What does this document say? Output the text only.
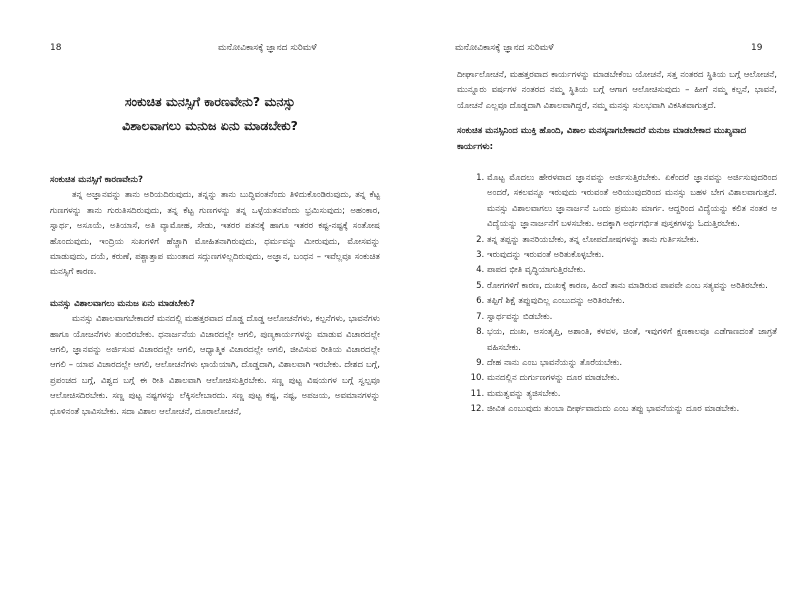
18	ಮನೋವಿಕಾಸಕ್ಕೆ ಜ್ಞಾನದ ಸುರಿಮಳೆ
ಸಂಕುಚಿತ ಮನಸ್ಸಿಗೆ ಕಾರಣವೇನು? ಮನಸ್ಸು
ವಿಶಾಲವಾಗಲು ಮನುಜ ಏನು ಮಾಡಬೇಕು?

ಸಂಕುಚಿತ ಮನಸ್ಸಿಗೆ ಕಾರಣವೇನು?

ತನ್ನ ಅಜ್ಞಾನವನ್ನು ತಾನು ಅರಿಯದಿರುವುದು, ತನ್ನನ್ನು ತಾನು ಬುದ್ಧಿವಂತನೆಂದು ತಿಳಿದುಕೊಂಡಿರುವುದು, ತನ್ನ ಕೆಟ್ಟ ಗುಣಗಳನ್ನು ತಾನು ಗುರುತಿಸದಿರುವುದು, ತನ್ನ ಕೆಟ್ಟ ಗುಣಗಳನ್ನು ತನ್ನ ಒಳ್ಳೆಯತನವೆಂದು ಭ್ರಮಿಸುವುದು; ಅಹಂಕಾರ, ಸ್ವಾರ್ಥ, ಅಸೂಯೆ, ಅತಿಯಾಸೆ, ಅತಿ ವ್ಯಾಮೋಹ, ಸೇಡು, ಇತರರ ಪತನಕ್ಕೆ ಹಾಗೂ ಇತರರ ಕಷ್ಟ-ನಷ್ಟಕ್ಕೆ ಸಂತೋಷ ಹೊಂದುವುದು, ಇಂದ್ರಿಯ ಸುಖಗಳಿಗೆ ಹೆಚ್ಚಾಗಿ ಮೋಹಿತನಾಗಿರುವುದು, ಧರ್ಮವನ್ನು ಮೀರುವುದು, ಮೋಸವನ್ನು ಮಾಡುವುದು, ದಯೆ, ಕರುಣೆ, ಪಶ್ಚಾತ್ತಾಪ ಮುಂತಾದ ಸದ್ಗುಣಗಳಿಲ್ಲದಿರುವುದು, ಅಜ್ಞಾನ, ಬಂಧನ – ಇವೆಲ್ಲವೂ ಸಂಕುಚಿತ ಮನಸ್ಸಿಗೆ ಕಾರಣ.

ಮನಸ್ಸು ವಿಶಾಲವಾಗಲು ಮನುಜ ಏನು ಮಾಡಬೇಕು?

ಮನಸ್ಸು ವಿಶಾಲವಾಗಬೇಕಾದರೆ ಮನದಲ್ಲಿ ಮಹತ್ತರವಾದ ದೊಡ್ಡ ದೊಡ್ಡ ಆಲೋಚನೆಗಳು, ಕಲ್ಪನೆಗಳು, ಭಾವನೆಗಳು ಹಾಗೂ ಯೋಜನೆಗಳು ತುಂಬಿರಬೇಕು. ಧನಾರ್ಜನೆಯ ವಿಚಾರದಲ್ಲೇ ಆಗಲಿ, ಪುಣ್ಯಕಾರ್ಯಗಳನ್ನು ಮಾಡುವ ವಿಚಾರದಲ್ಲೇ ಆಗಲಿ, ಜ್ಞಾನವನ್ನು ಅರ್ಜಿಸುವ ವಿಚಾರದಲ್ಲೇ ಆಗಲಿ, ಆಧ್ಯಾತ್ಮಿಕ ವಿಚಾರದಲ್ಲೇ ಆಗಲಿ, ಜೀವಿಸುವ ರೀತಿಯ ವಿಚಾರದಲ್ಲೇ ಆಗಲಿ – ಯಾವ ವಿಚಾರದಲ್ಲೇ ಆಗಲಿ, ಆಲೋಚನೆಗಳು ಛಾಯೆಯಾಗಿ, ದೊಡ್ಡದಾಗಿ, ವಿಶಾಲವಾಗಿ ಇರಬೇಕು. ದೇಶದ ಬಗ್ಗೆ, ಪ್ರಪಂಚದ ಬಗ್ಗೆ, ವಿಶ್ವದ ಬಗ್ಗೆ ಈ ರೀತಿ ವಿಶಾಲವಾಗಿ ಆಲೋಚಿಸುತ್ತಿರಬೇಕು. ಸಣ್ಣ ಪುಟ್ಟ ವಿಷಯಗಳ ಬಗ್ಗೆ ಸ್ವಲ್ಪವೂ ಆಲೋಚಿಸದಿರಬೇಕು. ಸಣ್ಣ ಪುಟ್ಟ ನಷ್ಟಗಳನ್ನು ಲೆಕ್ಕಿಸಲೇಬಾರದು. ಸಣ್ಣ ಪುಟ್ಟ ಕಷ್ಟ, ನಷ್ಟ, ಅಪಜಯ, ಅವಮಾನಗಳನ್ನು ಧೂಳಿನಂತೆ ಭಾವಿಸಬೇಕು. ಸದಾ ವಿಶಾಲ ಆಲೋಚನೆ, ದೂರಾಲೋಚನೆ,

ಮನೋವಿಕಾಸಕ್ಕೆ ಜ್ಞಾನದ ಸುರಿಮಳೆ	19

ದೀರ್ಘಾಲೋಚನೆ, ಮಹತ್ತರವಾದ ಕಾರ್ಯಗಳನ್ನು ಮಾಡಬೇಕೆಂಬ ಯೋಚನೆ, ಸತ್ತ ನಂತರದ ಸ್ಥಿತಿಯ ಬಗ್ಗೆ ಆಲೋಚನೆ, ಮುನ್ನೂರು ವರ್ಷಗಳ ನಂತರದ ನಮ್ಮ ಸ್ಥಿತಿಯ ಬಗ್ಗೆ ಆಗಾಗ ಆಲೋಚಿಸುವುದು – ಹೀಗೆ ನಮ್ಮ ಕಲ್ಪನೆ, ಭಾವನೆ, ಯೋಚನೆ ಎಲ್ಲವೂ ದೊಡ್ಡದಾಗಿ ವಿಶಾಲವಾಗಿದ್ದರೆ, ನಮ್ಮ ಮನಸ್ಸು ಸುಲಭವಾಗಿ ವಿಕಸಿತವಾಗುತ್ತದೆ.

ಸಂಕುಚಿತ ಮನಸ್ಸಿನಿಂದ ಮುಕ್ತಿ ಹೊಂದಿ, ವಿಶಾಲ ಮನಸ್ಕನಾಗಬೇಕಾದರೆ ಮನುಜ ಮಾಡಬೇಕಾದ ಮುಖ್ಯವಾದ ಕಾರ್ಯಗಳು:

1. ಮೊಟ್ಟ ಮೊದಲು ಹೇರಳವಾದ ಜ್ಞಾನವನ್ನು ಅರ್ಜಿಸುತ್ತಿರಬೇಕು. ಏಕೆಂದರೆ ಜ್ಞಾನವನ್ನು ಅರ್ಜಿಸುವುದರಿಂದ ಅಂದರೆ, ಸಕಲವನ್ನೂ ಇರುವುದು ಇರುವಂತೆ ಅರಿಯುವುದರಿಂದ ಮನಸ್ಸು ಬಹಳ ಬೇಗ ವಿಶಾಲವಾಗುತ್ತದೆ. ಮನಸ್ಸು ವಿಶಾಲವಾಗಲು ಜ್ಞಾನಾರ್ಜನೆ ಒಂದು ಪ್ರಮುಖ ಮಾರ್ಗ. ಆದ್ದರಿಂದ ವಿದ್ಯೆಯನ್ನು ಕಲಿತ ನಂತರ ಆ ವಿದ್ಯೆಯನ್ನು ಜ್ಞಾನಾರ್ಜನೆಗೆ ಬಳಸಬೇಕು. ಅದಕ್ಕಾಗಿ ಅರ್ಥಗರ್ಭಿತ ಪುಸ್ತಕಗಳನ್ನು ಓದುತ್ತಿರಬೇಕು.
2. ತನ್ನ ತಪ್ಪನ್ನು ತಾನರಿಯಬೇಕು, ತನ್ನ ಲೋಪದೋಷಗಳನ್ನು ತಾನು ಗುರ್ತಿಸಬೇಕು.
3. ಇರುವುದನ್ನು ಇರುವಂತೆ ಅರಿತುಕೊಳ್ಳಬೇಕು.
4. ಪಾಪದ ಭೀತಿ ವೃದ್ಧಿಯಾಗುತ್ತಿರಬೇಕು.
5. ರೋಗಗಳಿಗೆ ಕಾರಣ, ದುಃಖಕ್ಕೆ ಕಾರಣ, ಹಿಂದೆ ತಾನು ಮಾಡಿರುವ ಪಾಪವೇ ಎಂಬ ಸತ್ಯವನ್ನು ಅರಿತಿರಬೇಕು.
6. ತಪ್ಪಿಗೆ ಶಿಕ್ಷೆ ತಪ್ಪುವುದಿಲ್ಲ ಎಂಬುದನ್ನು ಅರಿತಿರಬೇಕು.
7. ಸ್ವಾರ್ಥವನ್ನು ಬಿಡಬೇಕು.
8. ಭಯ, ದುಃಖ, ಅಸಂತೃಪ್ತಿ, ಅಶಾಂತಿ, ಕಳವಳ, ಚಿಂತೆ, ಇವುಗಳಿಗೆ ಕ್ಷಣಕಾಲವೂ ಎಡೆಗಾಣದಂತೆ ಜಾಗ್ರತೆ ವಹಿಸಬೇಕು.
9. ದೇಹ ನಾನು ಎಂಬ ಭಾವನೆಯನ್ನು ತೊರೆಯಬೇಕು.
10. ಮನದಲ್ಲಿನ ದುರ್ಗುಣಗಳನ್ನು ದೂರ ಮಾಡಬೇಕು.
11. ಮಮತ್ವವನ್ನು ತ್ಯಜಿಸಬೇಕು.
12. ಜೀವಿತ ಎಂಬುವುದು ತುಂಬಾ ದೀರ್ಘವಾದುದು ಎಂಬ ತಪ್ಪು ಭಾವನೆಯನ್ನು ದೂರ ಮಾಡಬೇಕು.
